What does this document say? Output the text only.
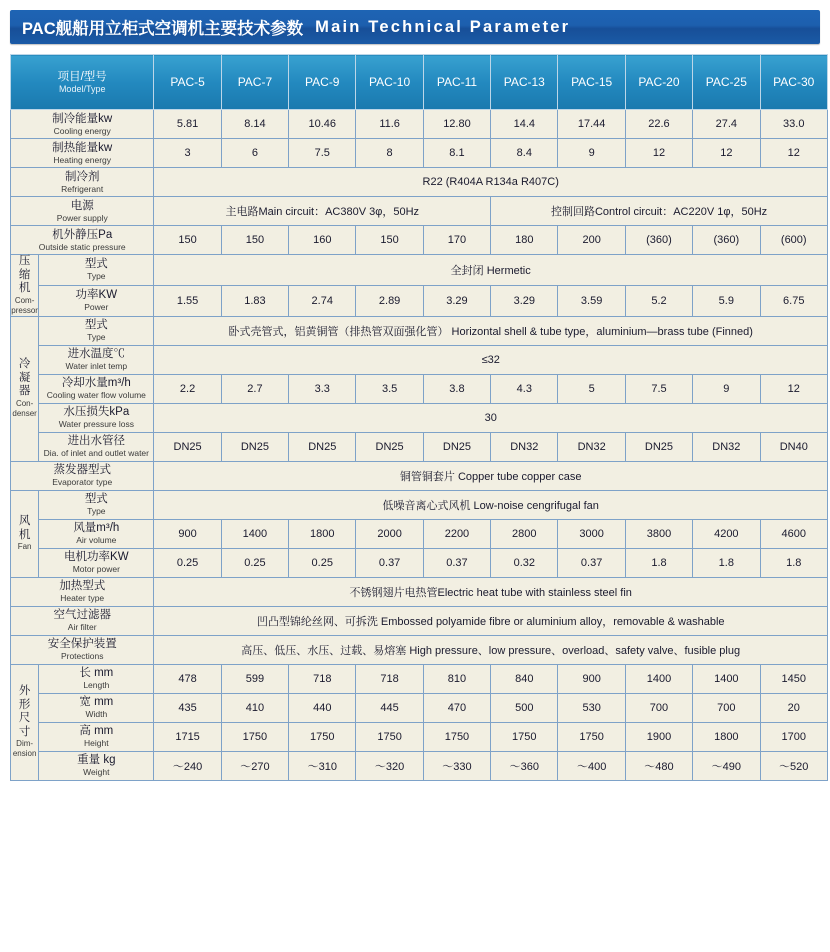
PAC舰船用立柜式空调机主要技术参数 Main Technical Parameter
项目/型号
Model/Type		PAC-5	PAC-7	PAC-9	PAC-10	PAC-11	PAC-13	PAC-15	PAC-20	PAC-25	PAC-30

制冷能量kw
Cooling energy		5.81	8.14	10.46	11.6	12.80	14.4	17.44	22.6	27.4	33.0

制热能量kw
Heating energy		3	6	7.5	8	8.1	8.4	9	12	12	12

制冷剂
Refrigerant		R22 (R404A R134a R407C)									

电源
Power supply		主电路Main circuit：AC380V 3φ，50Hz					控制回路Control circuit：AC220V 1φ，50Hz				

机外静压Pa
Outside static pressure		150	150	160	150	170	180	200	(360)	(360)	(600)

压
缩
机
Com-
pressor	型式
Type	全封闭 Hermetic									

	功率KW
Power	1.55	1.83	2.74	2.89	3.29	3.29	3.59	5.2	5.9	6.75

冷
凝
器
Con-
denser	型式
Type	卧式壳管式，铝黄铜管（排热管双面强化管） Horizontal shell & tube type，aluminium—brass tube (Finned)									

	进水温度℃
Water inlet temp	≤32									

	冷却水量m³/h
Cooling water flow volume	2.2	2.7	3.3	3.5	3.8	4.3	5	7.5	9	12

	水压损失kPa
Water pressure loss	30									

	进出水管径
Dia. of inlet and outlet water	DN25	DN25	DN25	DN25	DN25	DN32	DN32	DN25	DN32	DN40

蒸发器型式
Evaporator type		铜管铜套片 Copper tube copper case									

风
机
Fan	型式
Type	低噪音离心式风机 Low-noise cengrifugal fan									

	风量m³/h
Air volume	900	1400	1800	2000	2200	2800	3000	3800	4200	4600

	电机功率KW
Motor power	0.25	0.25	0.25	0.37	0.37	0.32	0.37	1.8	1.8	1.8

加热型式
Heater type		不锈钢翅片电热管Electric heat tube with stainless steel fin									

空气过滤器
Air filter		凹凸型锦纶丝网、可拆洗 Embossed polyamide fibre or aluminium alloy，removable & washable									

安全保护装置
Protections		高压、低压、水压、过载、易熔塞 High pressure、low pressure、overload、safety valve、fusible plug									

外
形
尺
寸
Dim-
ension

长 mm
Length
	478	599	718	718	810	840	900	1400	1400	1450

	宽 mm
Width	435	410	440	445	470	500	530	700	700	20

	高 mm
Height	1715	1750	1750	1750	1750	1750	1750	1900	1800	1700

	重量 kg
Weight	～240	～270	～310	～320	～330	～360	～400	～480	～490	～520
